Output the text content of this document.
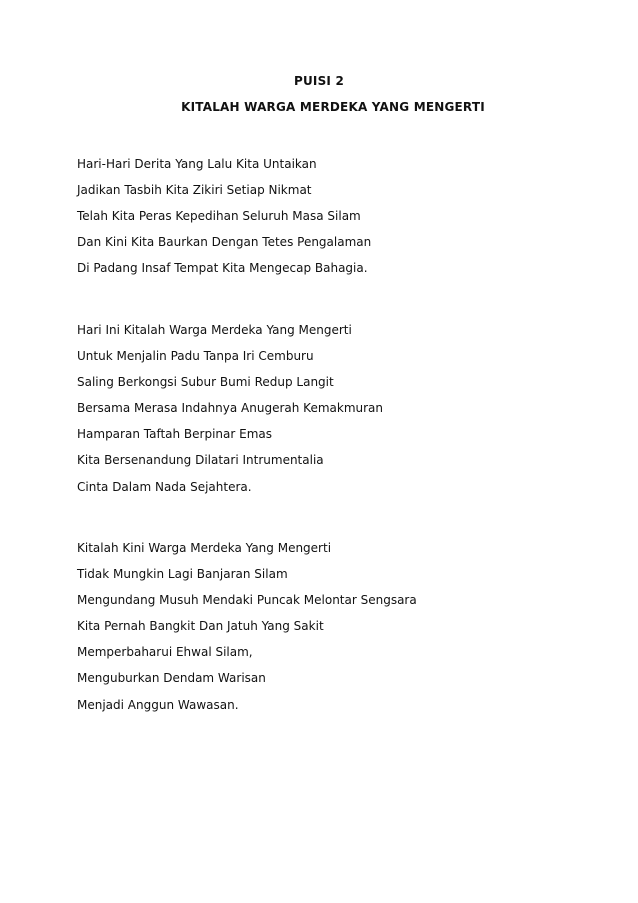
PUISI 2
KITALAH WARGA MERDEKA YANG MENGERTI
Hari-Hari Derita Yang Lalu Kita Untaikan
Jadikan Tasbih Kita Zikiri Setiap Nikmat
Telah Kita Peras Kepedihan Seluruh Masa Silam
Dan Kini Kita Baurkan Dengan Tetes Pengalaman
Di Padang Insaf Tempat Kita Mengecap Bahagia.
Hari Ini Kitalah Warga Merdeka Yang Mengerti
Untuk Menjalin Padu Tanpa Iri Cemburu
Saling Berkongsi Subur Bumi Redup Langit
Bersama Merasa Indahnya Anugerah Kemakmuran
Hamparan Taftah Berpinar Emas
Kita Bersenandung Dilatari Intrumentalia
Cinta Dalam Nada Sejahtera.
Kitalah Kini Warga Merdeka Yang Mengerti
Tidak Mungkin Lagi Banjaran Silam
Mengundang Musuh Mendaki Puncak Melontar Sengsara
Kita Pernah Bangkit Dan Jatuh Yang Sakit
Memperbaharui Ehwal Silam,
Menguburkan Dendam Warisan
Menjadi Anggun Wawasan.
